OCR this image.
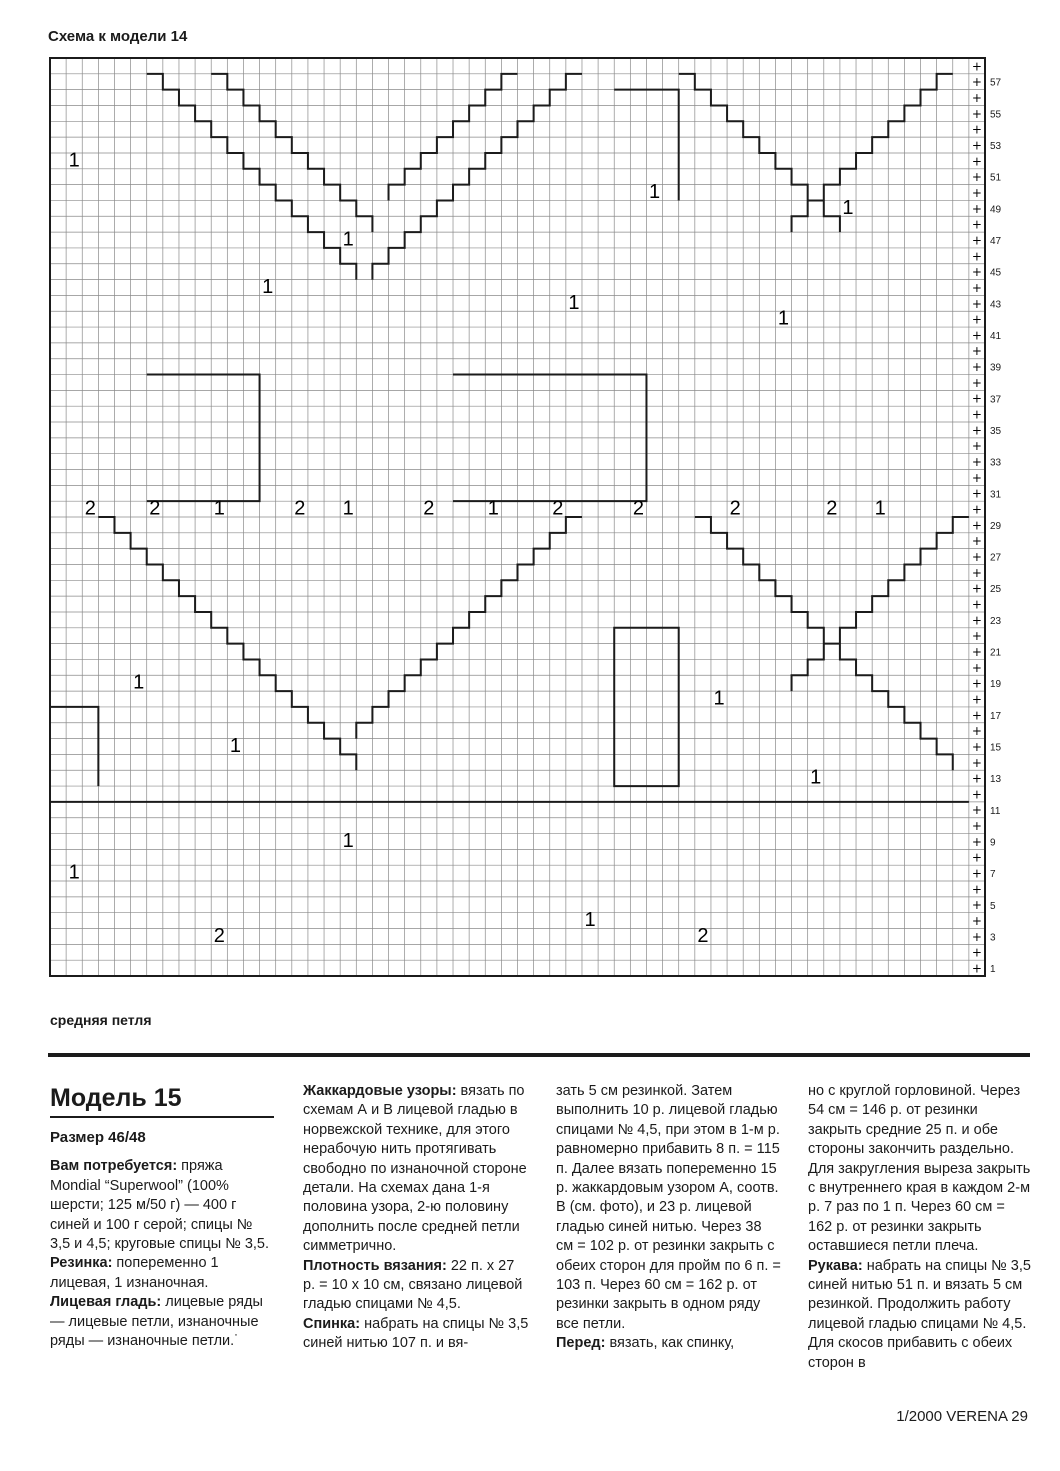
Схема к модели 14
57
55
53
51
49
47
45
43
41
39
37
35
33
31
29
27
25
23
21
19
17
15
13
11
9
7
5
3
1
1
1
1
2	2	1	2 1	2	1	2	2	2	2 1
1
1
1
1
1
1
1
1
1
1
1
2	2
+
+
+
+
+
+
+
+
+
+
+
+
+
+
+
+
+
+
+
+
+
+
+
+
+
+
+
+
+
+
+
+
+
+
+
+
+
+
+
+
+
+
+
+
+
+
+
+
+
+
+
+
+
+
+
+
+
+
средняя петля
Модель 15

Размер 46/48

Вам потребуется: пряжа Mondial “Superwool” (100% шерсти; 125 м/50 г) — 400 г синей и 100 г серой; спицы № 3,5 и 4,5; круговые спицы № 3,5.

Резинка: попеременно 1 лицевая, 1 изнаночная.

Лицевая гладь: лицевые ряды — лицевые петли, изнаночные ряды — изнаночные петли.˙

Жаккардовые узоры: вязать по схемам А и В лицевой гладью в норвежской технике, для этого нерабочую нить протягивать свободно по изнаночной стороне детали. На схемах дана 1-я половина узора, 2-ю половину дополнить после средней петли симметрично.

Плотность вязания: 22 п. x 27 р. = 10 x 10 см, связано лицевой гладью спицами № 4,5.

Спинка: набрать на спицы № 3,5 синей нитью 107 п. и вя-

зать 5 см резинкой. Затем выполнить 10 р. лицевой гладью спицами № 4,5, при этом в 1-м р. равномерно прибавить 8 п. = 115 п. Далее вязать попеременно 15 р. жаккардовым узором А, соотв. В (см. фото), и 23 р. лицевой гладью синей нитью. Через 38 см = 102 р. от резинки закрыть с обеих сторон для пройм по 6 п. = 103 п. Через 60 см = 162 р. от резинки закрыть в одном ряду все петли.

Перед: вязать, как спинку,

но с круглой горловиной. Через 54 см = 146 р. от резинки закрыть средние 25 п. и обе стороны закончить раздельно. Для закругления выреза закрыть с внутреннего края в каждом 2-м р. 7 раз по 1 п. Через 60 см = 162 р. от резинки закрыть оставшиеся петли плеча.

Рукава: набрать на спицы № 3,5 синей нитью 51 п. и вязать 5 см резинкой. Продолжить работу лицевой гладью спицами № 4,5. Для скосов прибавить с обеих сторон в

1/2000 VERENA 29
